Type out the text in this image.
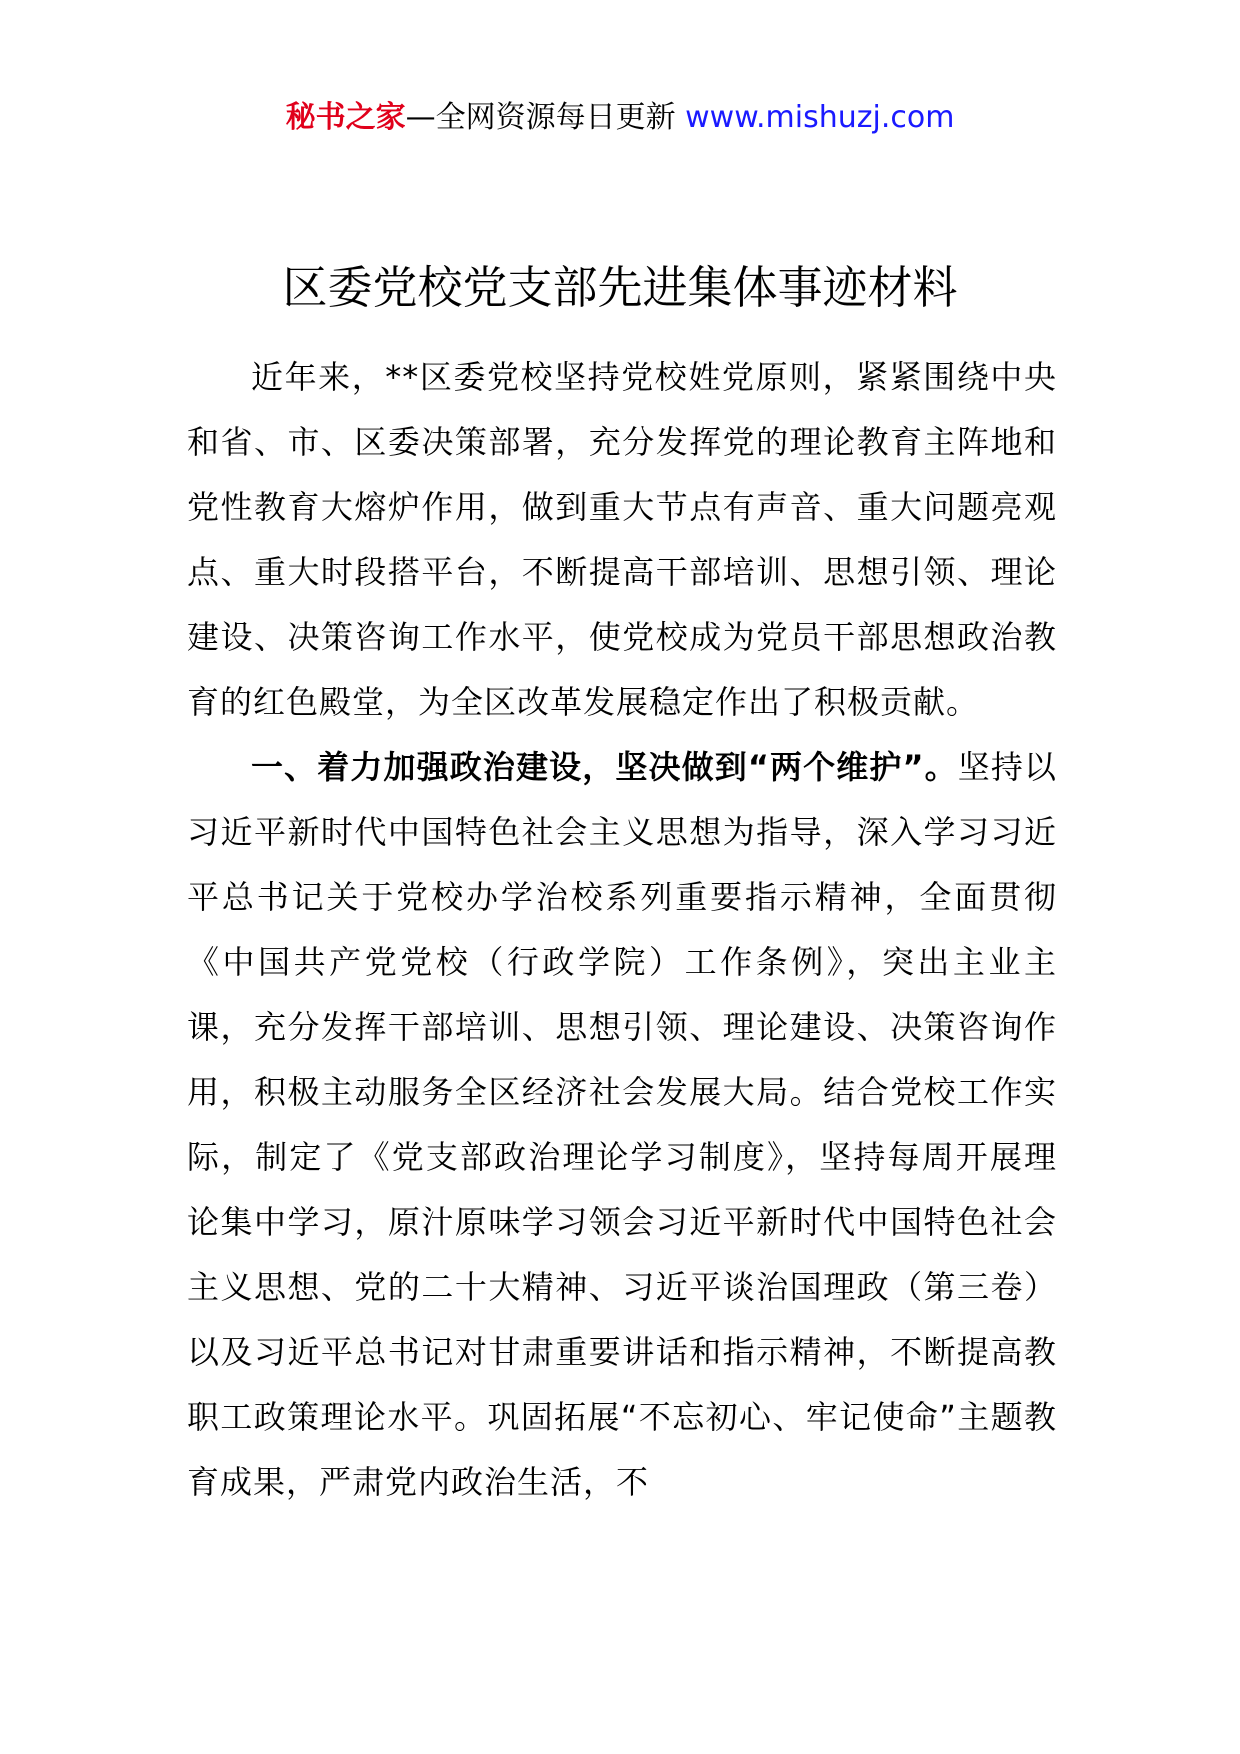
秘书之家—全网资源每日更新 www.mishuzj.com
区委党校党支部先进集体事迹材料

近年来，**区委党校坚持党校姓党原则，紧紧围绕中央和省、市、区委决策部署，充分发挥党的理论教育主阵地和党性教育大熔炉作用，做到重大节点有声音、重大问题亮观点、重大时段搭平台，不断提高干部培训、思想引领、理论建设、决策咨询工作水平，使党校成为党员干部思想政治教育的红色殿堂，为全区改革发展稳定作出了积极贡献。

一、着力加强政治建设，坚决做到“两个维护”。坚持以习近平新时代中国特色社会主义思想为指导，深入学习习近平总书记关于党校办学治校系列重要指示精神，全面贯彻《中国共产党党校（行政学院）工作条例》，突出主业主课，充分发挥干部培训、思想引领、理论建设、决策咨询作用，积极主动服务全区经济社会发展大局。结合党校工作实际，制定了《党支部政治理论学习制度》，坚持每周开展理论集中学习，原汁原味学习领会习近平新时代中国特色社会主义思想、党的二十大精神、习近平谈治国理政（第三卷）以及习近平总书记对甘肃重要讲话和指示精神，不断提高教职工政策理论水平。巩固拓展“不忘初心、牢记使命”主题教育成果，严肃党内政治生活，不
